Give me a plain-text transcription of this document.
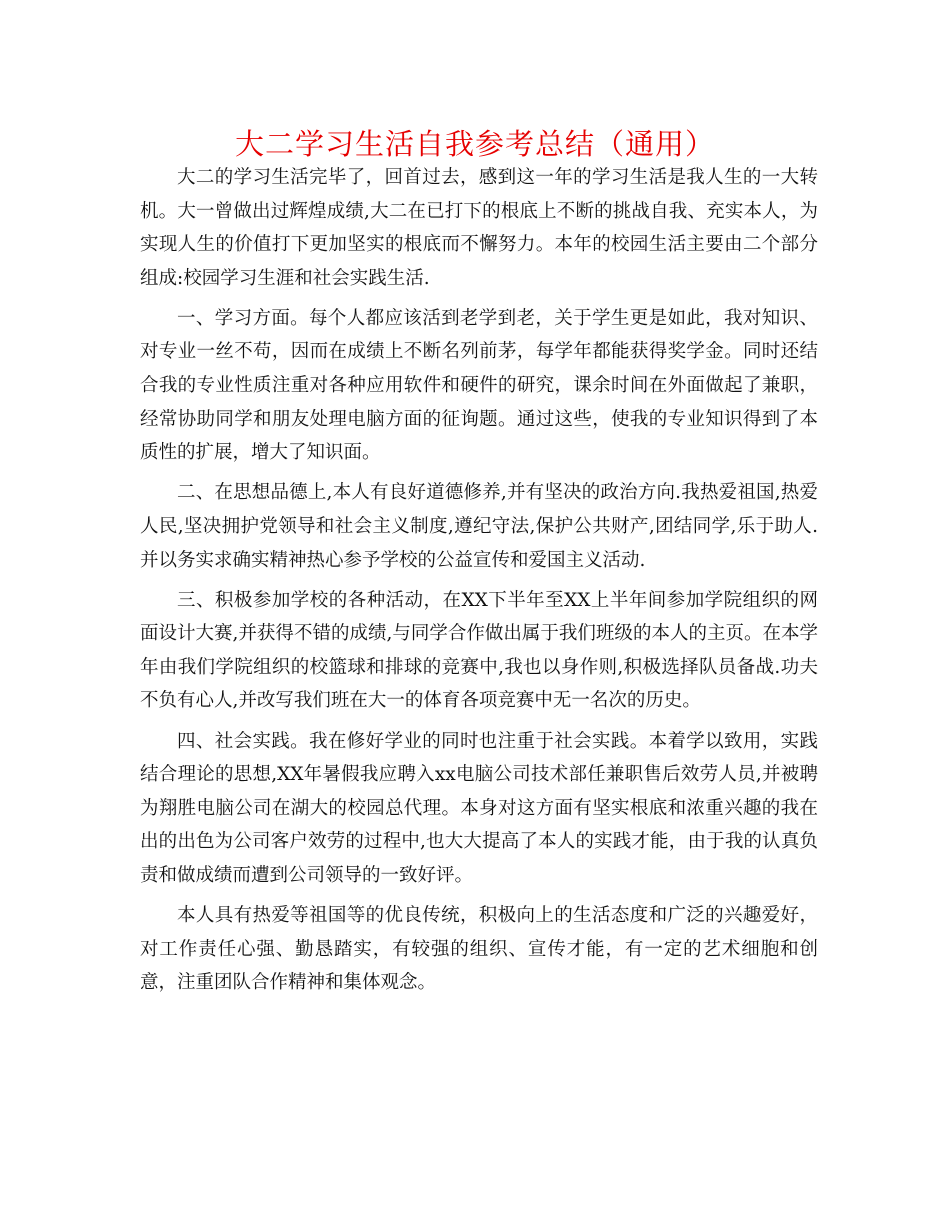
大二学习生活自我参考总结（通用）

大二的学习生活完毕了，回首过去，感到这一年的学习生活是我人生的一大转机。大一曾做出过辉煌成绩,大二在已打下的根底上不断的挑战自我、充实本人，为实现人生的价值打下更加坚实的根底而不懈努力。本年的校园生活主要由二个部分组成:校园学习生涯和社会实践生活.

一、学习方面。每个人都应该活到老学到老，关于学生更是如此，我对知识、对专业一丝不苟，因而在成绩上不断名列前茅，每学年都能获得奖学金。同时还结合我的专业性质注重对各种应用软件和硬件的研究，课余时间在外面做起了兼职，经常协助同学和朋友处理电脑方面的征询题。通过这些，使我的专业知识得到了本质性的扩展，增大了知识面。

二、在思想品德上,本人有良好道德修养,并有坚决的政治方向.我热爱祖国,热爱人民,坚决拥护党领导和社会主义制度,遵纪守法,保护公共财产,团结同学,乐于助人.并以务实求确实精神热心参予学校的公益宣传和爱国主义活动.

三、积极参加学校的各种活动，在XX下半年至XX上半年间参加学院组织的网面设计大赛,并获得不错的成绩,与同学合作做出属于我们班级的本人的主页。在本学年由我们学院组织的校篮球和排球的竞赛中,我也以身作则,积极选择队员备战.功夫不负有心人,并改写我们班在大一的体育各项竞赛中无一名次的历史。

四、社会实践。我在修好学业的同时也注重于社会实践。本着学以致用，实践结合理论的思想,XX年暑假我应聘入xx电脑公司技术部任兼职售后效劳人员,并被聘为翔胜电脑公司在湖大的校园总代理。本身对这方面有坚实根底和浓重兴趣的我在出的出色为公司客户效劳的过程中,也大大提高了本人的实践才能，由于我的认真负责和做成绩而遭到公司领导的一致好评。

本人具有热爱等祖国等的优良传统，积极向上的生活态度和广泛的兴趣爱好，对工作责任心强、勤恳踏实，有较强的组织、宣传才能，有一定的艺术细胞和创意，注重团队合作精神和集体观念。
